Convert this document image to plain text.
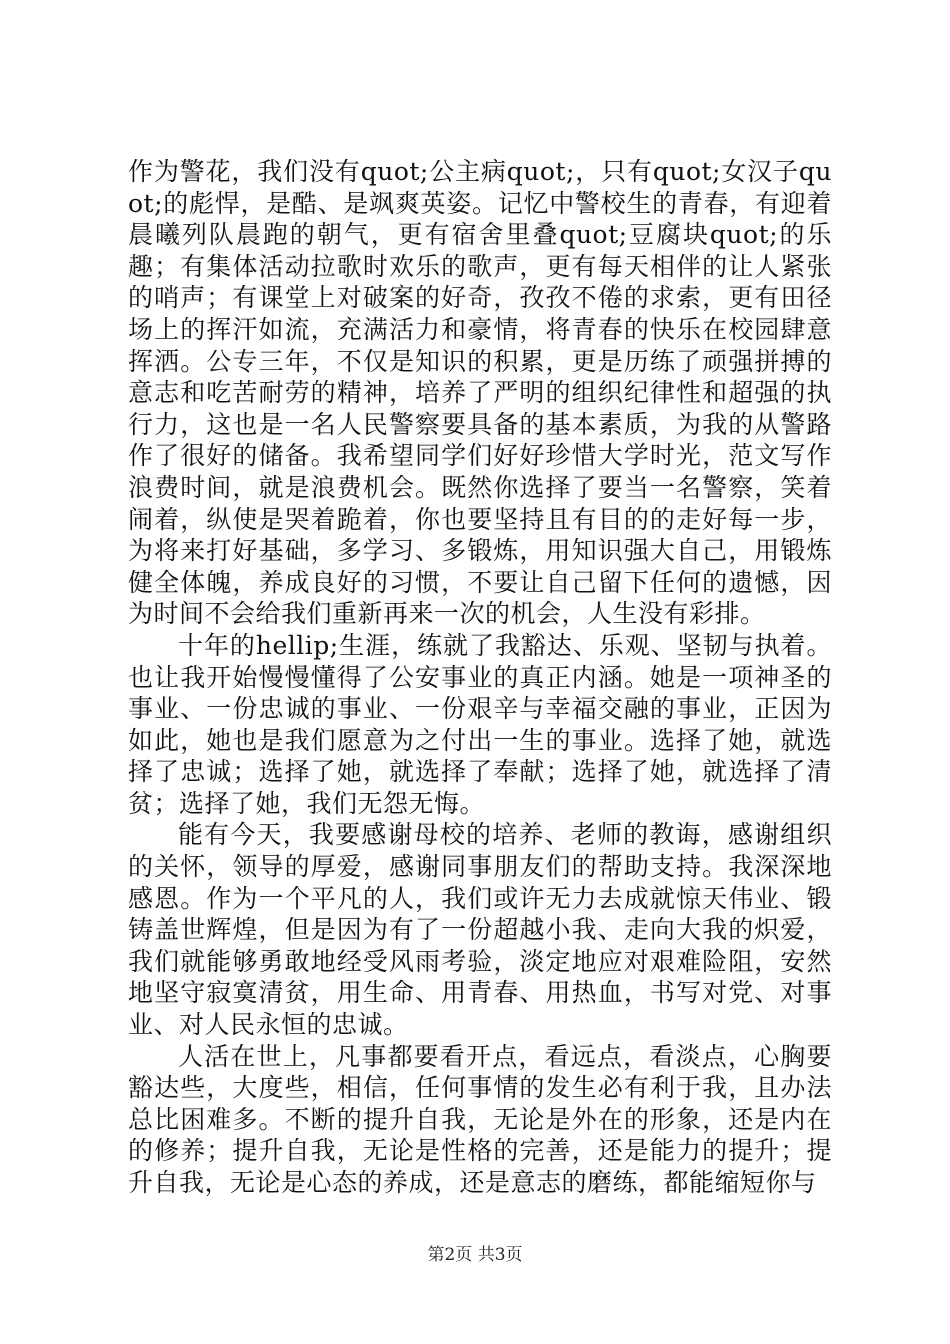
作为警花，我们没有quot;公主病quot;，只有quot;女汉子quot;的彪悍，是酷、是飒爽英姿。记忆中警校生的青春，有迎着晨曦列队晨跑的朝气，更有宿舍里叠quot;豆腐块quot;的乐趣；有集体活动拉歌时欢乐的歌声，更有每天相伴的让人紧张的哨声；有课堂上对破案的好奇，孜孜不倦的求索，更有田径场上的挥汗如流，充满活力和豪情，将青春的快乐在校园肆意挥洒。公专三年，不仅是知识的积累，更是历练了顽强拼搏的意志和吃苦耐劳的精神，培养了严明的组织纪律性和超强的执行力，这也是一名人民警察要具备的基本素质，为我的从警路作了很好的储备。我希望同学们好好珍惜大学时光，范文写作浪费时间，就是浪费机会。既然你选择了要当一名警察，笑着闹着，纵使是哭着跪着，你也要坚持且有目的的走好每一步，为将来打好基础，多学习、多锻炼，用知识强大自己，用锻炼健全体魄，养成良好的习惯，不要让自己留下任何的遗憾，因为时间不会给我们重新再来一次的机会，人生没有彩排。

十年的hellip;生涯，练就了我豁达、乐观、坚韧与执着。也让我开始慢慢懂得了公安事业的真正内涵。她是一项神圣的事业、一份忠诚的事业、一份艰辛与幸福交融的事业，正因为如此，她也是我们愿意为之付出一生的事业。选择了她，就选择了忠诚；选择了她，就选择了奉献；选择了她，就选择了清贫；选择了她，我们无怨无悔。

能有今天，我要感谢母校的培养、老师的教诲，感谢组织的关怀，领导的厚爱，感谢同事朋友们的帮助支持。我深深地感恩。作为一个平凡的人，我们或许无力去成就惊天伟业、锻铸盖世辉煌，但是因为有了一份超越小我、走向大我的炽爱，我们就能够勇敢地经受风雨考验，淡定地应对艰难险阻，安然地坚守寂寞清贫，用生命、用青春、用热血，书写对党、对事业、对人民永恒的忠诚。

人活在世上，凡事都要看开点，看远点，看淡点，心胸要豁达些，大度些，相信，任何事情的发生必有利于我，且办法总比困难多。不断的提升自我，无论是外在的形象，还是内在的修养；提升自我，无论是性格的完善，还是能力的提升；提升自我，无论是心态的养成，还是意志的磨练，都能缩短你与

第2页 共3页
